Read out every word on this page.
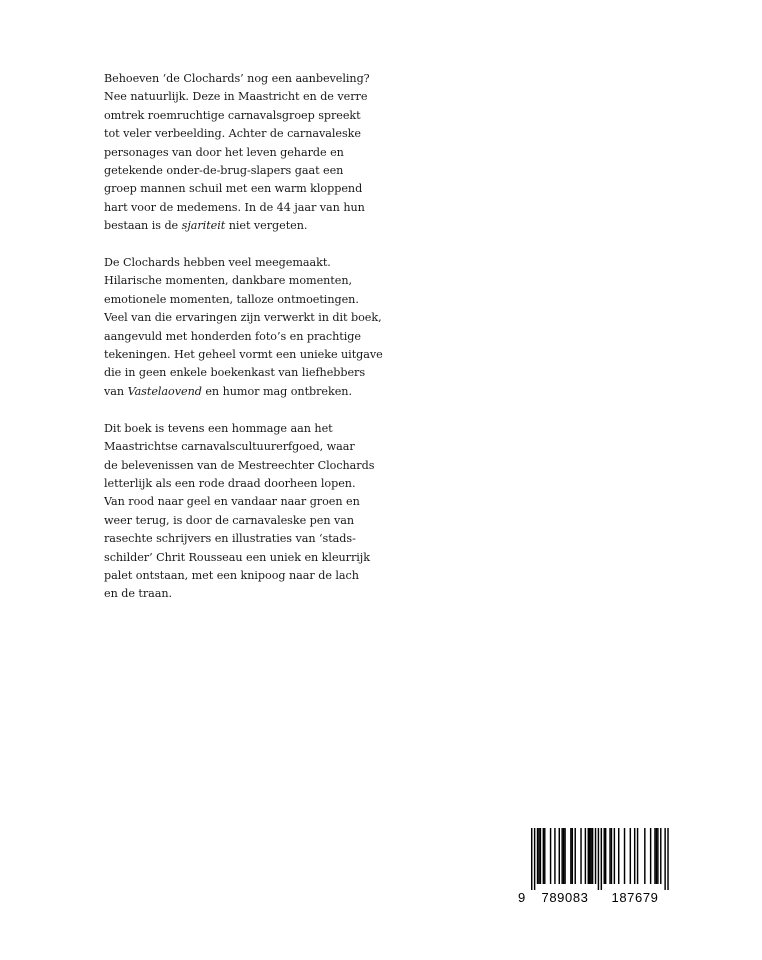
Behoeven ‘de Clochards’ nog een aanbeveling?
Nee natuurlijk. Deze in Maastricht en de verre
omtrek roemruchtige carnavalsgroep spreekt
tot veler verbeelding. Achter de carnavaleske
personages van door het leven geharde en
getekende onder-de-brug-slapers gaat een
groep mannen schuil met een warm kloppend
hart voor de medemens. In de 44 jaar van hun
bestaan is de sjariteit niet vergeten.

De Clochards hebben veel meegemaakt.
Hilarische momenten, dankbare momenten,
emotionele momenten, talloze ontmoetingen.
Veel van die ervaringen zijn verwerkt in dit boek,
aangevuld met honderden foto’s en prachtige
tekeningen. Het geheel vormt een unieke uitgave
die in geen enkele boekenkast van liefhebbers
van Vastelaovend en humor mag ontbreken.

Dit boek is tevens een hommage aan het
Maastrichtse carnavalscultuurerfgoed, waar
de belevenissen van de Mestreechter Clochards
letterlijk als een rode draad doorheen lopen.
Van rood naar geel en vandaar naar groen en
weer terug, is door de carnavaleske pen van
rasechte schrijvers en illustraties van ‘stads-
schilder’ Chrit Rousseau een uniek en kleurrijk
palet ontstaan, met een knipoog naar de lach
en de traan.

9	789083	187679
